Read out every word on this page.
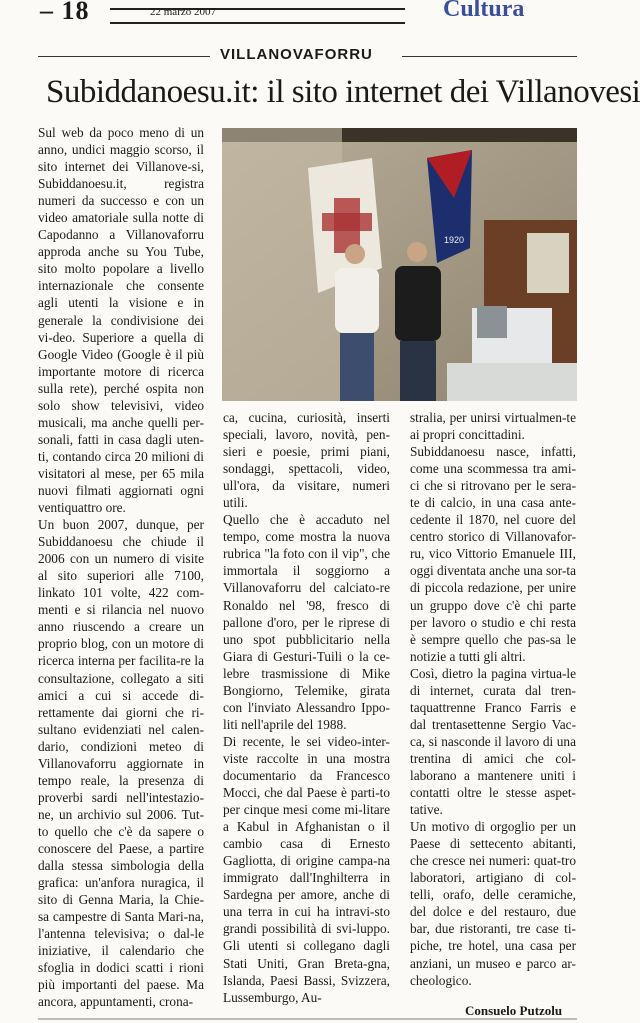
– 18	22 marzo 2007	Cultura
VILLANOVAFORRU
Subiddanoesu.it: il sito internet dei Villanovesi
1920

Sul web da poco meno di un anno, undici maggio scorso, il sito internet dei Villanove-si, Subiddanoesu.it, registra numeri da successo e con un video amatoriale sulla notte di Capodanno a Villanovaforru approda anche su You Tube, sito molto popolare a livello internazionale che consente agli utenti la visione e in generale la condivisione dei vi-deo. Superiore a quella di Google Video (Google è il più importante motore di ricerca sulla rete), perché ospita non solo show televisivi, video musicali, ma anche quelli per-sonali, fatti in casa dagli uten-ti, contando circa 20 milioni di visitatori al mese, per 65 mila nuovi filmati aggiornati ogni ventiquattro ore.

Un buon 2007, dunque, per Subiddanoesu che chiude il 2006 con un numero di visite al sito superiori alle 7100, linkato 101 volte, 422 com-menti e si rilancia nel nuovo anno riuscendo a creare un proprio blog, con un motore di ricerca interna per facilita-re la consultazione, collegato a siti amici a cui si accede di-rettamente dai giorni che ri-sultano evidenziati nel calen-dario, condizioni meteo di Villanovaforru aggiornate in tempo reale, la presenza di proverbi sardi nell'intestazio-ne, un archivio sul 2006. Tut-to quello che c'è da sapere o conoscere del Paese, a partire dalla stessa simbologia della grafica: un'anfora nuragica, il sito di Genna Maria, la Chie-sa campestre di Santa Mari-na, l'antenna televisiva; o dal-le iniziative, il calendario che sfoglia in dodici scatti i rioni più importanti del paese. Ma ancora, appuntamenti, crona-

ca, cucina, curiosità, inserti speciali, lavoro, novità, pen-sieri e poesie, primi piani, sondaggi, spettacoli, video, ull'ora, da visitare, numeri utili.

Quello che è accaduto nel tempo, come mostra la nuova rubrica "la foto con il vip", che immortala il soggiorno a Villanovaforru del calciato-re Ronaldo nel '98, fresco di pallone d'oro, per le riprese di uno spot pubblicitario nella Giara di Gesturi-Tuili o la ce-lebre trasmissione di Mike Bongiorno, Telemike, girata con l'inviato Alessandro Ippo-liti nell'aprile del 1988.

Di recente, le sei video-inter-viste raccolte in una mostra documentario da Francesco Mocci, che dal Paese è parti-to per cinque mesi come mi-litare a Kabul in Afghanistan o il cambio casa di Ernesto Gagliotta, di origine campa-na immigrato dall'Inghilterra in Sardegna per amore, anche di una terra in cui ha intravi-sto grandi possibilità di svi-luppo. Gli utenti si collegano dagli Stati Uniti, Gran Breta-gna, Islanda, Paesi Bassi, Svizzera, Lussemburgo, Au-

stralia, per unirsi virtualmen-te ai propri concittadini.

Subiddanoesu nasce, infatti, come una scommessa tra ami-ci che si ritrovano per le sera-te di calcio, in una casa ante-cedente il 1870, nel cuore del centro storico di Villanovafor-ru, vico Vittorio Emanuele III, oggi diventata anche una sor-ta di piccola redazione, per unire un gruppo dove c'è chi parte per lavoro o studio e chi resta è sempre quello che pas-sa le notizie a tutti gli altri.

Così, dietro la pagina virtua-le di internet, curata dal tren-taquattrenne Franco Farris e dal trentasettenne Sergio Vac-ca, si nasconde il lavoro di una trentina di amici che col-laborano a mantenere uniti i contatti oltre le stesse aspet-tative.

Un motivo di orgoglio per un Paese di settecento abitanti, che cresce nei numeri: quat-tro laboratori, artigiano di col-telli, orafo, delle ceramiche, del dolce e del restauro, due bar, due ristoranti, tre case ti-piche, tre hotel, una casa per anziani, un museo e parco ar-cheologico.

Consuelo Putzolu
